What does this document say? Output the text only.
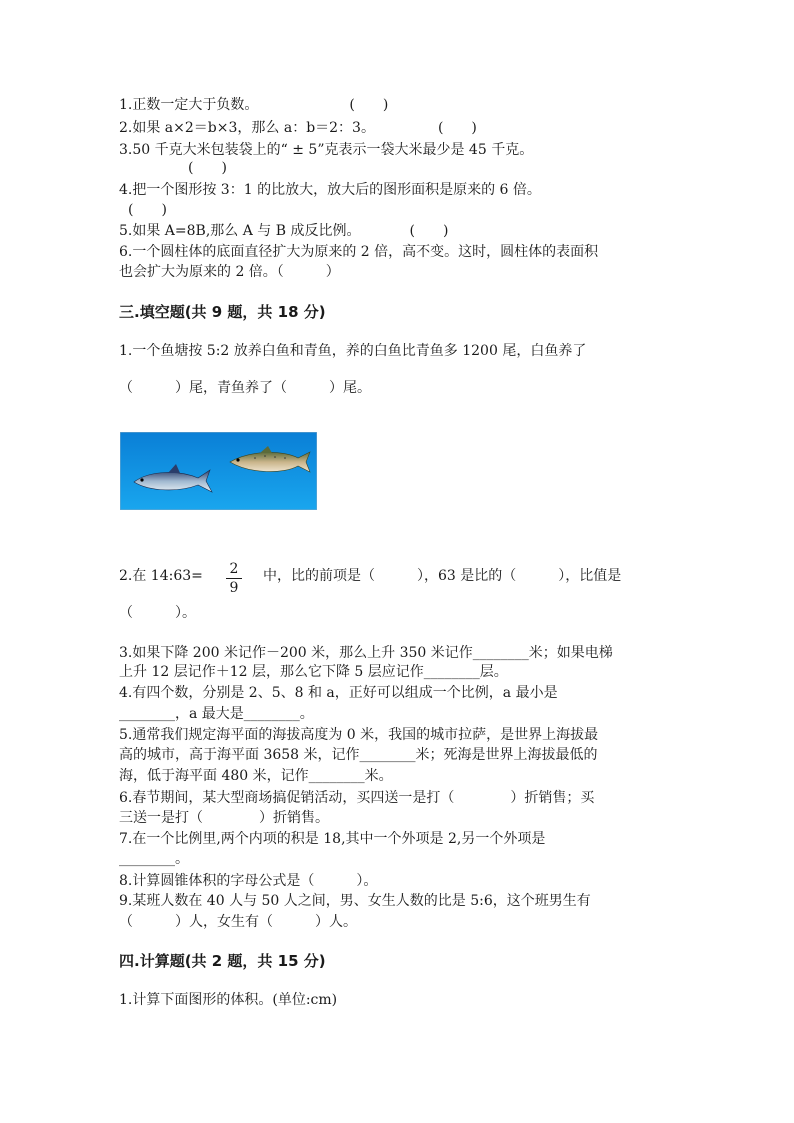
1.正数一定大于负数。　　　　　　　(　　)
2.如果 a×2＝b×3，那么 a：b＝2：3。　　　　　(　　)
3.50 千克大米包装袋上的“ ± 5”克表示一袋大米最少是 45 千克。
(　　)
4.把一个图形按 3：1 的比放大，放大后的图形面积是原来的 6 倍。
(　　)
5.如果 A=8B,那么 A 与 B 成反比例。　　　　(　　)
6.一个圆柱体的底面直径扩大为原来的 2 倍，高不变。这时，圆柱体的表面积
也会扩大为原来的 2 倍。（　　　）
三.填空题(共 9 题，共 18 分)
1.一个鱼塘按 5:2 放养白鱼和青鱼，养的白鱼比青鱼多 1200 尾，白鱼养了
（　　　）尾，青鱼养了（　　　）尾。
2.在 14:63= 2
9
中，比的前项是（　　　），63 是比的（　　　），比值是
（　　　）。
3.如果下降 200 米记作－200 米，那么上升 350 米记作________米；如果电梯
上升 12 层记作＋12 层，那么它下降 5 层应记作________层。
4.有四个数，分别是 2、5、8 和 a，正好可以组成一个比例，a 最小是
________，a 最大是________。
5.通常我们规定海平面的海拔高度为 0 米，我国的城市拉萨，是世界上海拔最
高的城市，高于海平面 3658 米，记作________米；死海是世界上海拔最低的
海，低于海平面 480 米，记作________米。
6.春节期间，某大型商场搞促销活动，买四送一是打（　　　　）折销售；买
三送一是打（　　　　）折销售。
7.在一个比例里,两个内项的积是 18,其中一个外项是 2,另一个外项是
________。
8.计算圆锥体积的字母公式是（　　　）。
9.某班人数在 40 人与 50 人之间，男、女生人数的比是 5:6，这个班男生有
（　　　）人，女生有（　　　）人。
四.计算题(共 2 题，共 15 分)
1.计算下面图形的体积。(单位:cm)
